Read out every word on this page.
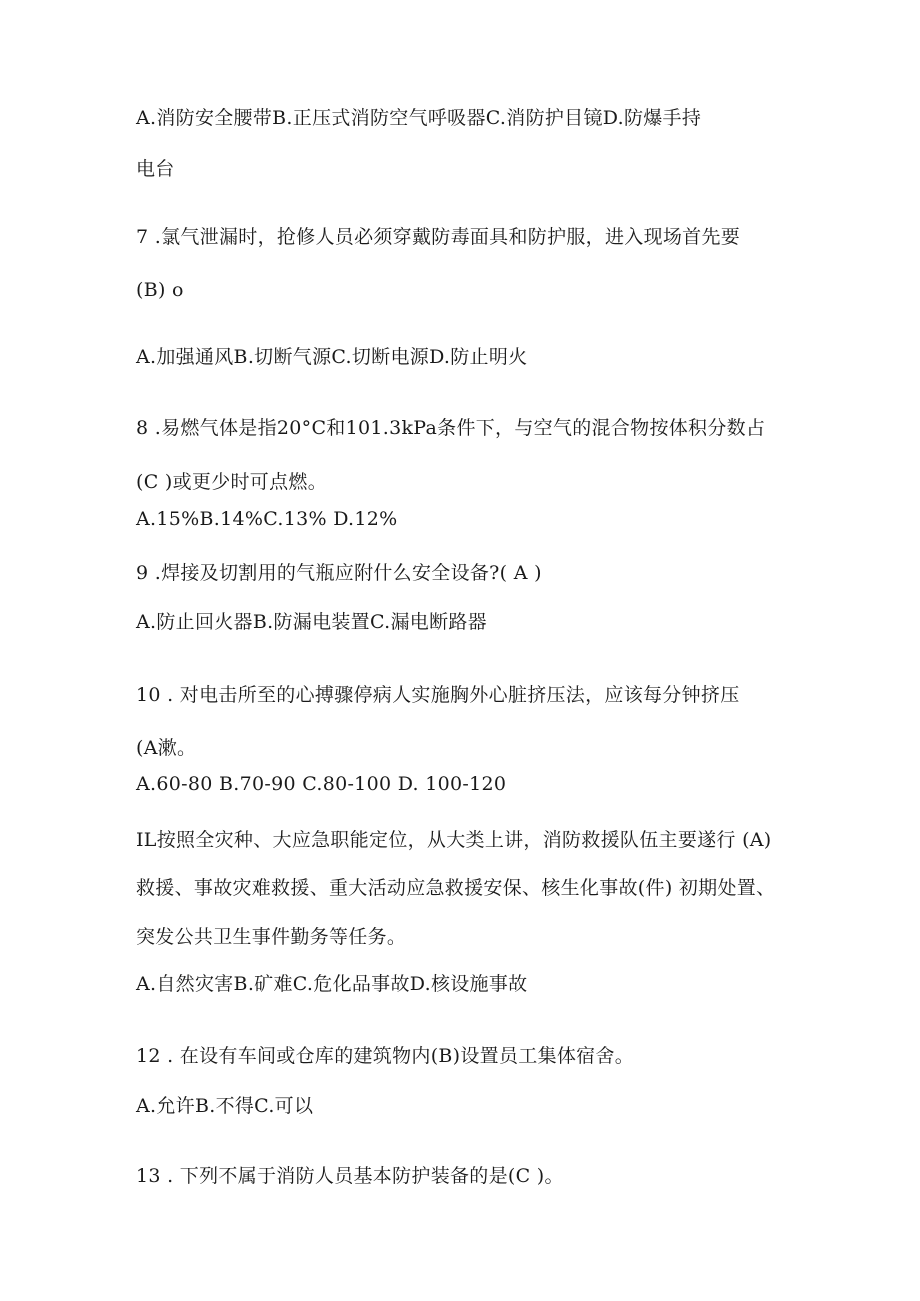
A.消防安全腰带B.正压式消防空气呼吸器C.消防护目镜D.防爆手持
电台
7 .氯气泄漏时，抢修人员必须穿戴防毒面具和防护服，进入现场首先要
(B) o
A.加强通风B.切断气源C.切断电源D.防止明火
8 .易燃气体是指20°C和101.3kPa条件下，与空气的混合物按体积分数占
(C )或更少时可点燃。
A.15%B.14%C.13% D.12%
9 .焊接及切割用的气瓶应附什么安全设备?( A )
A.防止回火器B.防漏电装置C.漏电断路器
10 . 对电击所至的心搏骤停病人实施胸外心脏挤压法，应该每分钟挤压
(A漱。
A.60-80 B.70-90 C.80-100 D. 100-120
IL按照全灾种、大应急职能定位，从大类上讲，消防救援队伍主要遂行 (A)
救援、事故灾难救援、重大活动应急救援安保、核生化事故(件) 初期处置、
突发公共卫生事件勤务等任务。
A.自然灾害B.矿难C.危化品事故D.核设施事故
12 . 在设有车间或仓库的建筑物内(B)设置员工集体宿舍。
A.允许B.不得C.可以
13 . 下列不属于消防人员基本防护装备的是(C )。
